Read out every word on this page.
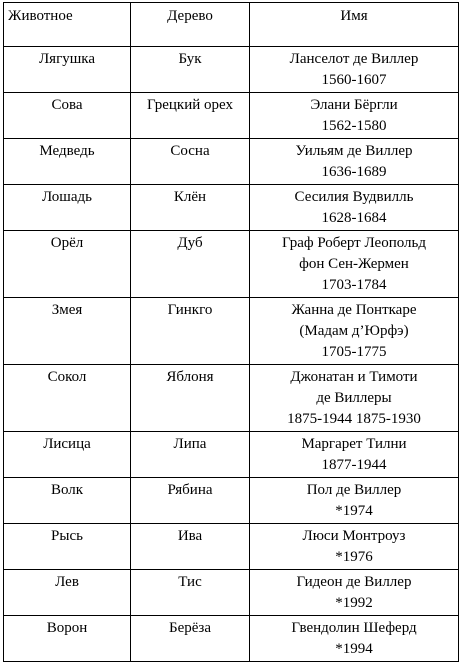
Животное	Дерево	Имя
Лягушка	Бук	Ланселот де Виллер
1560-1607

Сова	Грецкий орех	Элани Бёргли
1562-1580

Медведь	Сосна	Уильям де Виллер
1636-1689

Лошадь	Клён	Сесилия Вудвилль
1628-1684

Орёл	Дуб	Граф Роберт Леопольд
фон Сен-Жермен
1703-1784

Змея	Гинкго	Жанна де Понткаре
(Мадам д’Юрфэ)
1705-1775

Сокол	Яблоня	Джонатан и Тимоти
де Виллеры
1875-1944 1875-1930

Лисица	Липа	Маргарет Тилни
1877-1944

Волк	Рябина	Пол де Виллер
*1974

Рысь	Ива	Люси Монтроуз
*1976

Лев	Тис	Гидеон де Виллер
*1992

Ворон	Берёза	Гвендолин Шеферд
*1994
